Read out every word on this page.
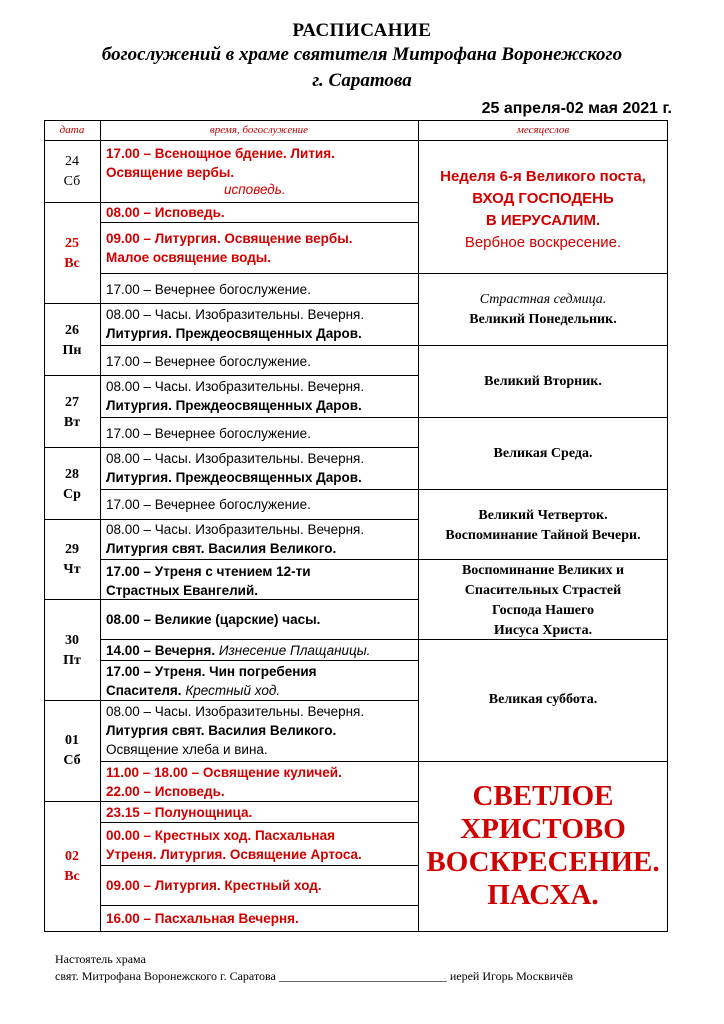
РАСПИСАНИЕ
богослужений в храме святителя Митрофана Воронежского
г. Саратова
25 апреля-02 мая 2021 г.
дата	время, богослужение	месяцеслов
24
Сб
25
Вс
26
Пн
27
Вт
28
Ср
29
Чт
30
Пт
01
Сб
02
Вс
17.00 – Всенощное бдение. Лития.
Освящение вербы.
исповедь.
08.00 – Исповедь.
09.00 – Литургия. Освящение вербы.
Малое освящение воды.
17.00 – Вечернее богослужение.
08.00 – Часы. Изобразительны. Вечерня.
Литургия. Преждеосвященных Даров.
17.00 – Вечернее богослужение.
08.00 – Часы. Изобразительны. Вечерня.
Литургия. Преждеосвященных Даров.
17.00 – Вечернее богослужение.
08.00 – Часы. Изобразительны. Вечерня.
Литургия. Преждеосвященных Даров.
17.00 – Вечернее богослужение.
08.00 – Часы. Изобразительны. Вечерня.
Литургия свят. Василия Великого.
17.00 – Утреня с чтением 12-ти
Страстных Евангелий.
08.00 – Великие (царские) часы.
14.00 – Вечерня. Изнесение Плащаницы.
17.00 – Утреня. Чин погребения
Спасителя. Крестный ход.
08.00 – Часы. Изобразительны. Вечерня.
Литургия свят. Василия Великого.
Освящение хлеба и вина.
11.00 – 18.00 – Освящение куличей.
22.00 – Исповедь.
23.15 – Полунощница.
00.00 – Крестных ход. Пасхальная
Утреня. Литургия. Освящение Артоса.
09.00 – Литургия. Крестный ход.
16.00 – Пасхальная Вечерня.
Неделя 6-я Великого поста,
ВХОД ГОСПОДЕНЬ
В ИЕРУСАЛИМ.
Вербное воскресение.
Страстная седмица.
Великий Понедельник.
Великий Вторник.
Великая Среда.
Великий Четверток.
Воспоминание Тайной Вечери.
Воспоминание Великих и
Спасительных Страстей
Господа Нашего
Иисуса Христа.
Великая суббота.
СВЕТЛОЕ
ХРИСТОВО
ВОСКРЕСЕНИЕ.
ПАСХА.
Настоятель храма
свят. Митрофана Воронежского г. Саратова ____________________________ иерей Игорь Москвичёв
